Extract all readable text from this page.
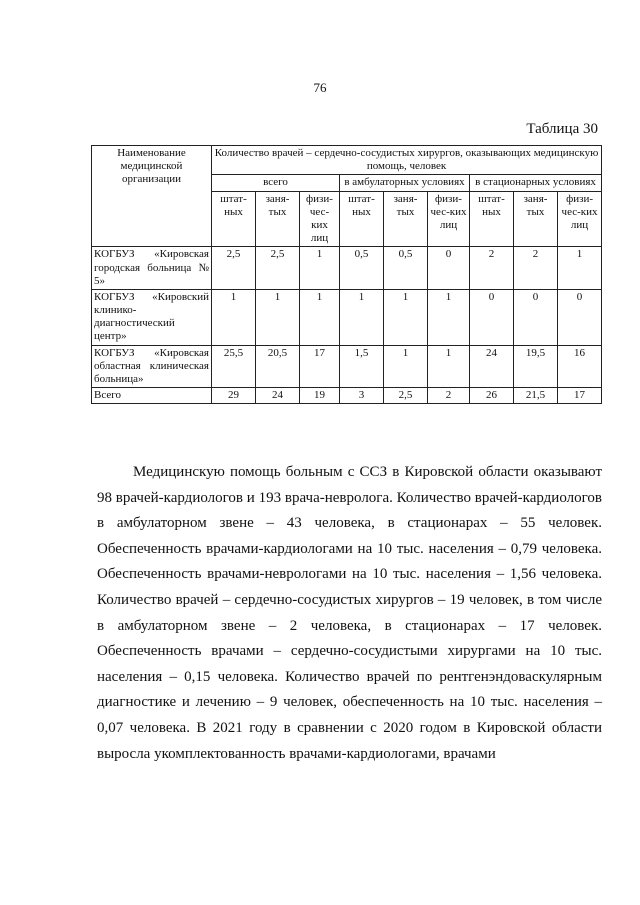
76
Таблица 30
Наименование медицинской организации	Количество врачей – сердечно-сосудистых хирургов, оказывающих медицинскую помощь, человек								
	всего			в амбулаторных условиях			в стационарных условиях		
	штат-ных	заня-тых	физи-чес-ких лиц	штат-ных	заня-тых	физи-чес-ких лиц	штат-ных	заня-тых	физи-чес-ких лиц
КОГБУЗ «Кировская городская больница № 5»	2,5	2,5	1	0,5	0,5	0	2	2	1
КОГБУЗ «Кировский клинико-диагностический центр»	1	1	1	1	1	1	0	0	0
КОГБУЗ «Кировская областная клиническая больница»	25,5	20,5	17	1,5	1	1	24	19,5	16
Всего	29	24	19	3	2,5	2	26	21,5	17

Медицинскую помощь больным с ССЗ в Кировской области оказывают 98 врачей-кардиологов и 193 врача-невролога. Количество врачей-кардиологов в амбулаторном звене – 43 человека, в стационарах – 55 человек. Обеспеченность врачами-кардиологами на 10 тыс. населения – 0,79 человека. Обеспеченность врачами-неврологами на 10 тыс. населения – 1,56 человека. Количество врачей – сердечно-сосудистых хирургов – 19 человек, в том числе в амбулаторном звене – 2 человека, в стационарах – 17 человек. Обеспеченность врачами – сердечно-сосудистыми хирургами на 10 тыс. населения – 0,15 человека. Количество врачей по рентгенэндоваскулярным диагностике и лечению – 9 человек, обеспеченность на 10 тыс. населения – 0,07 человека. В 2021 году в сравнении с 2020 годом в Кировской области выросла укомплектованность врачами-кардиологами, врачами
